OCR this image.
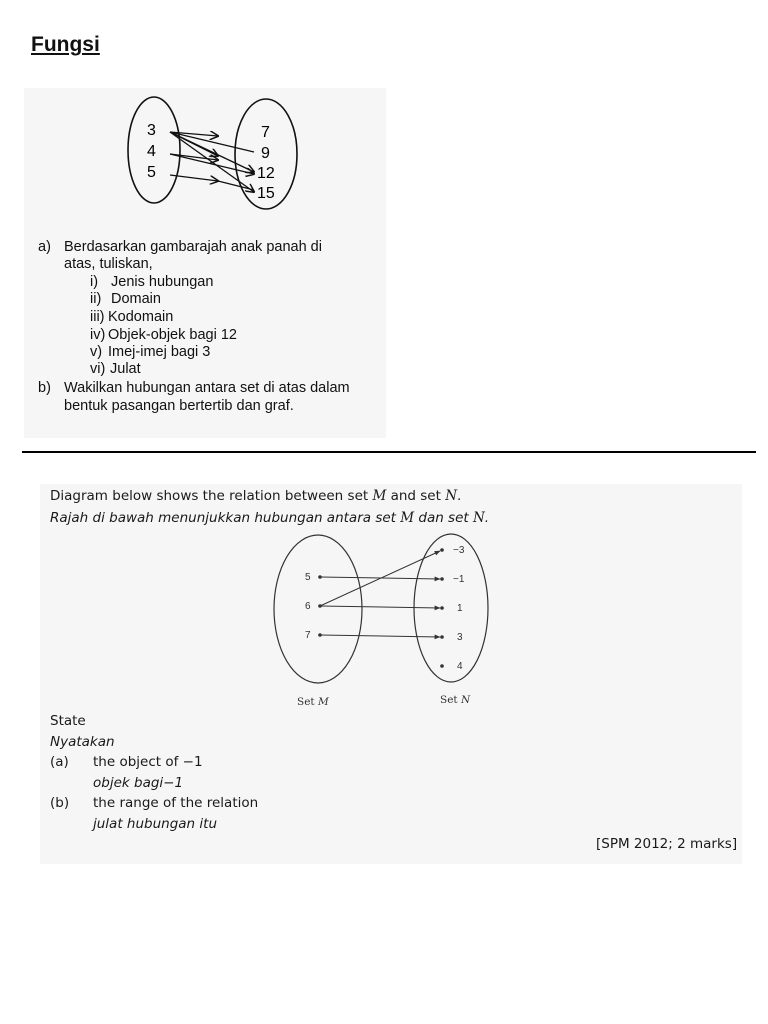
Fungsi
3
4
5
7
9
12
15
a) Berdasarkan gambarajah anak panah di
atas, tuliskan,
i) Jenis hubungan
ii) Domain
iii) Kodomain
iv) Objek-objek bagi 12
v) Imej-imej bagi 3
vi) Julat
b) Wakilkan hubungan antara set di atas dalam
bentuk pasangan bertertib dan graf.
Diagram below shows the relation between set M and set N.
Rajah di bawah menunjukkan hubungan antara set M dan set N.
5
6
7
−3
−1
1
3
4
Set M	Set N
State
Nyatakan
(a) the object of −1
objek bagi−1
(b) the range of the relation
julat hubungan itu
[SPM 2012; 2 marks]
